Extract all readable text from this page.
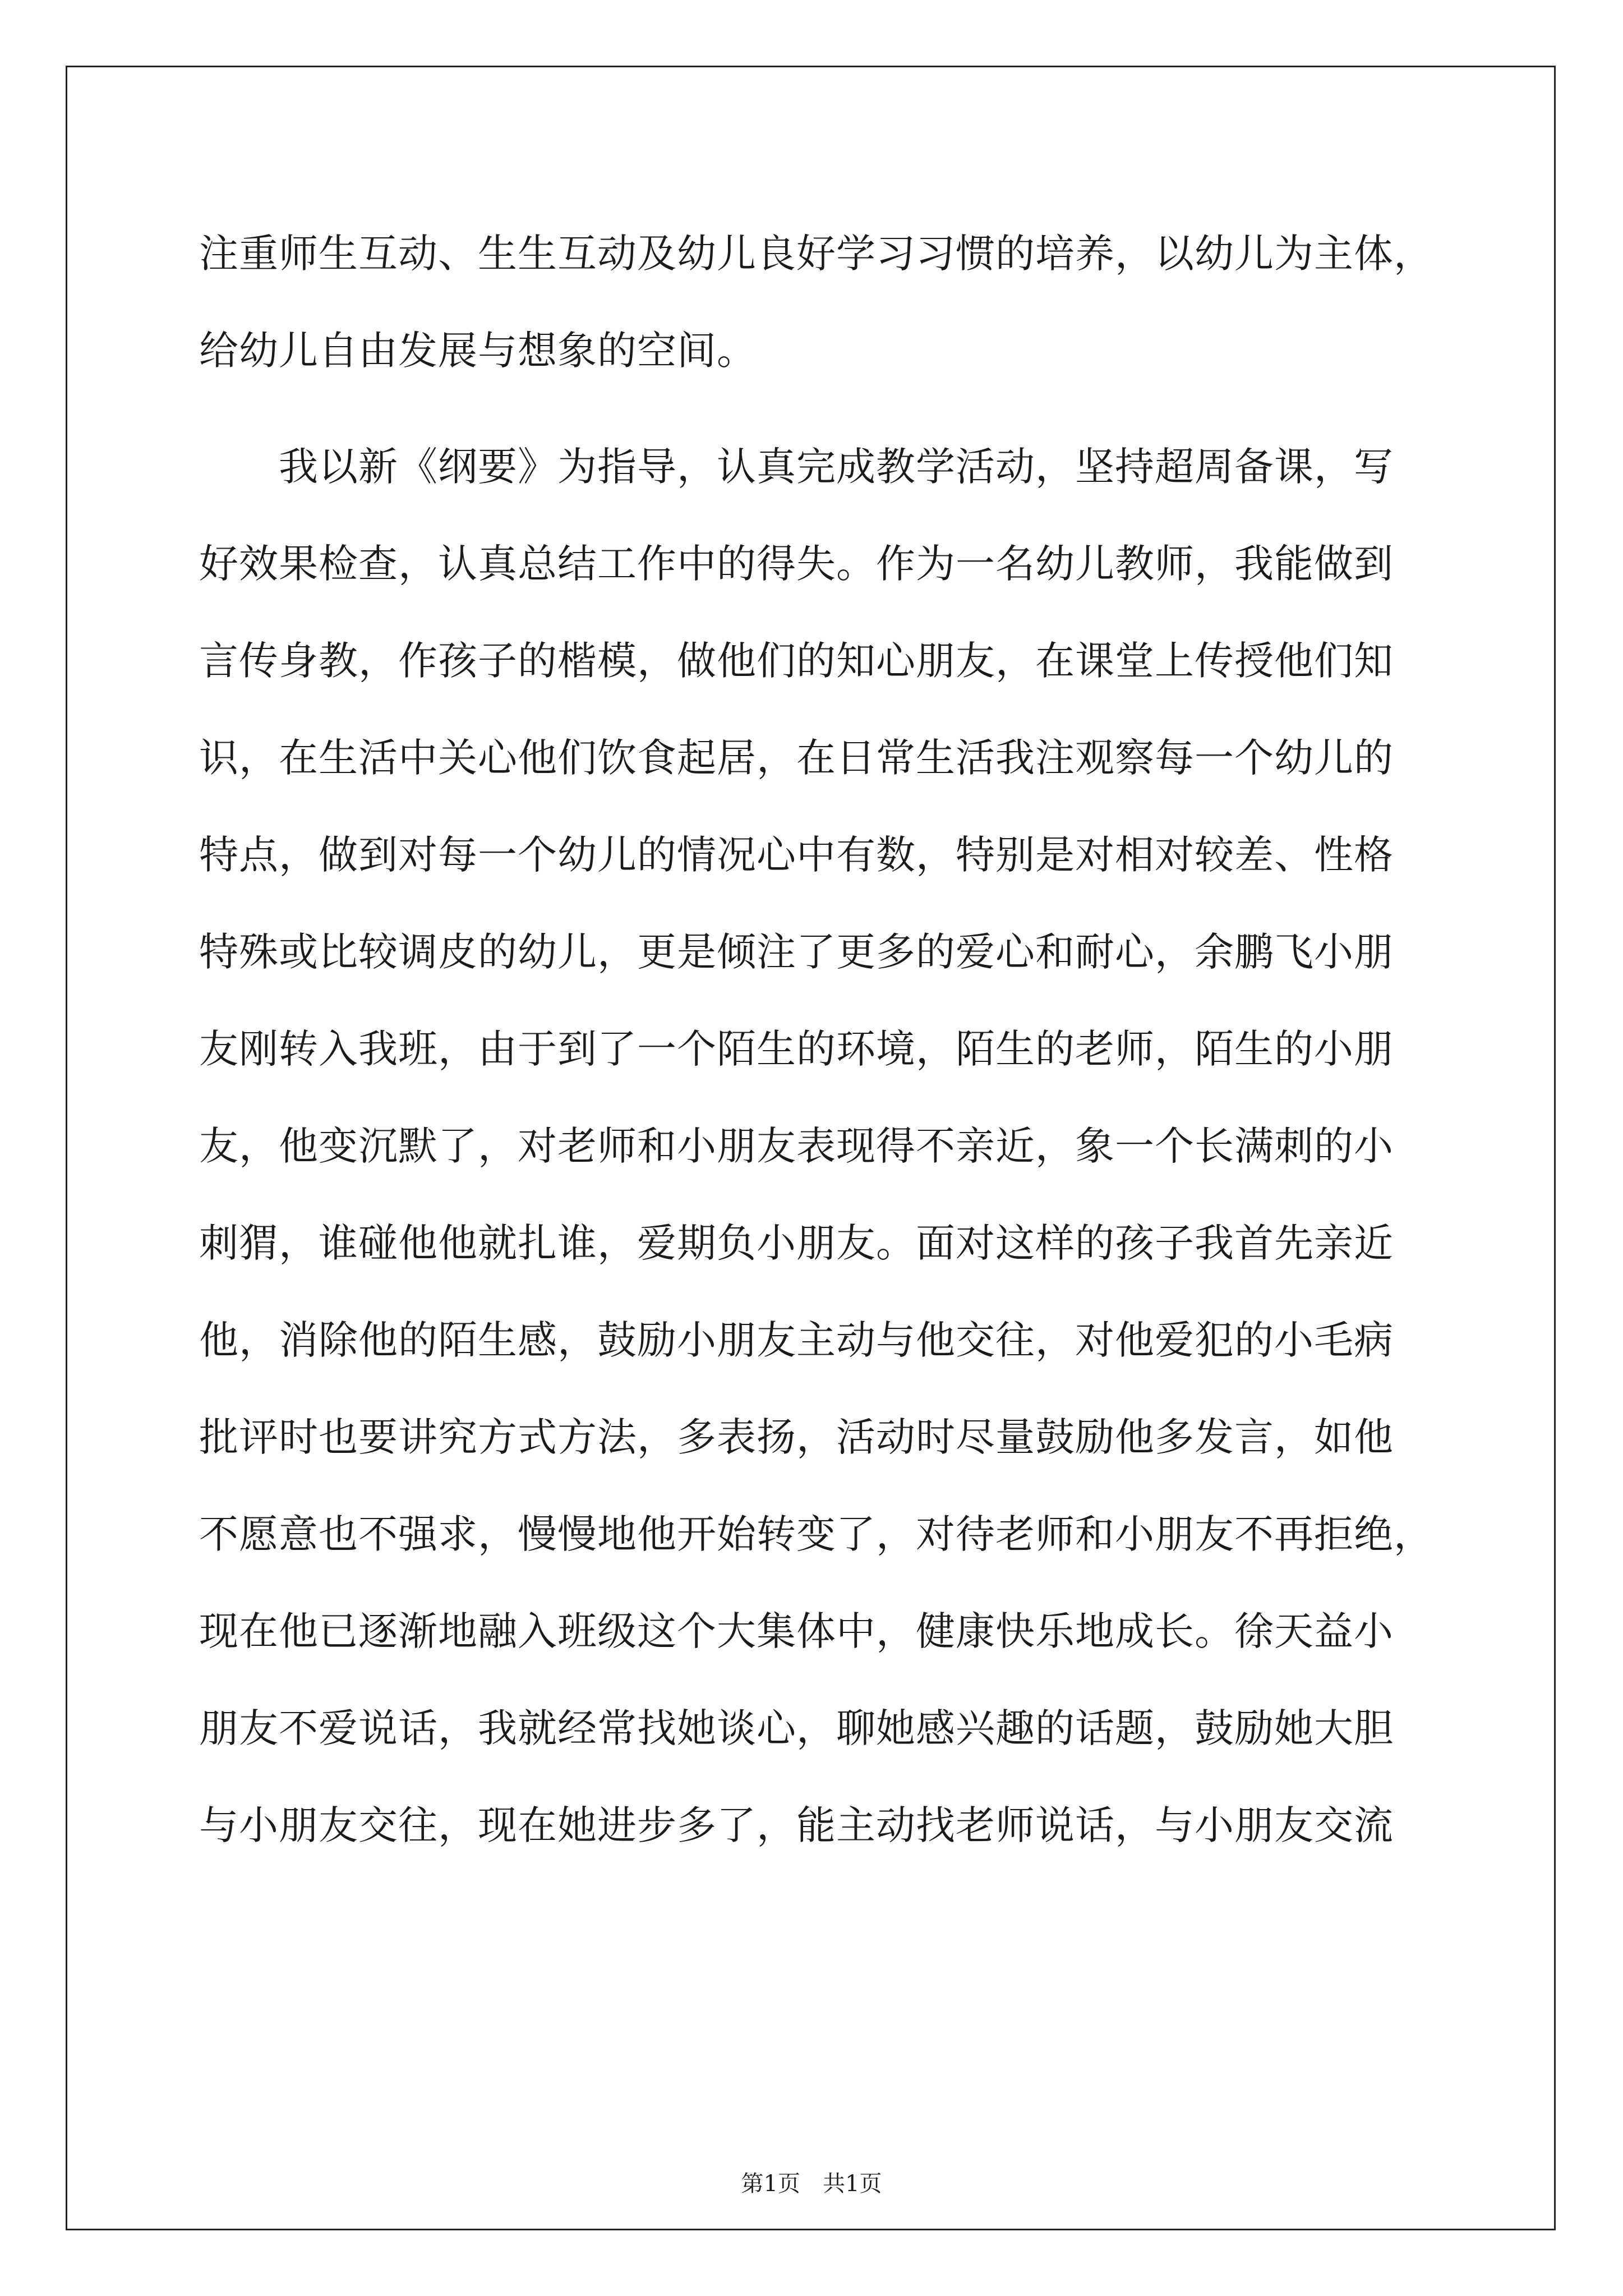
注重师生互动、生生互动及幼儿良好学习习惯的培养，以幼儿为主体，

给幼儿自由发展与想象的空间。

　　我以新《纲要》为指导，认真完成教学活动，坚持超周备课，写

好效果检查，认真总结工作中的得失。作为一名幼儿教师，我能做到

言传身教，作孩子的楷模，做他们的知心朋友，在课堂上传授他们知

识，在生活中关心他们饮食起居，在日常生活我注观察每一个幼儿的

特点，做到对每一个幼儿的情况心中有数，特别是对相对较差、性格

特殊或比较调皮的幼儿，更是倾注了更多的爱心和耐心，余鹏飞小朋

友刚转入我班，由于到了一个陌生的环境，陌生的老师，陌生的小朋

友，他变沉默了，对老师和小朋友表现得不亲近，象一个长满刺的小

刺猬，谁碰他他就扎谁，爱期负小朋友。面对这样的孩子我首先亲近

他，消除他的陌生感，鼓励小朋友主动与他交往，对他爱犯的小毛病

批评时也要讲究方式方法，多表扬，活动时尽量鼓励他多发言，如他

不愿意也不强求，慢慢地他开始转变了，对待老师和小朋友不再拒绝，

现在他已逐渐地融入班级这个大集体中，健康快乐地成长。徐天益小

朋友不爱说话，我就经常找她谈心，聊她感兴趣的话题，鼓励她大胆

与小朋友交往，现在她进步多了，能主动找老师说话，与小朋友交流

第1页　共1页
